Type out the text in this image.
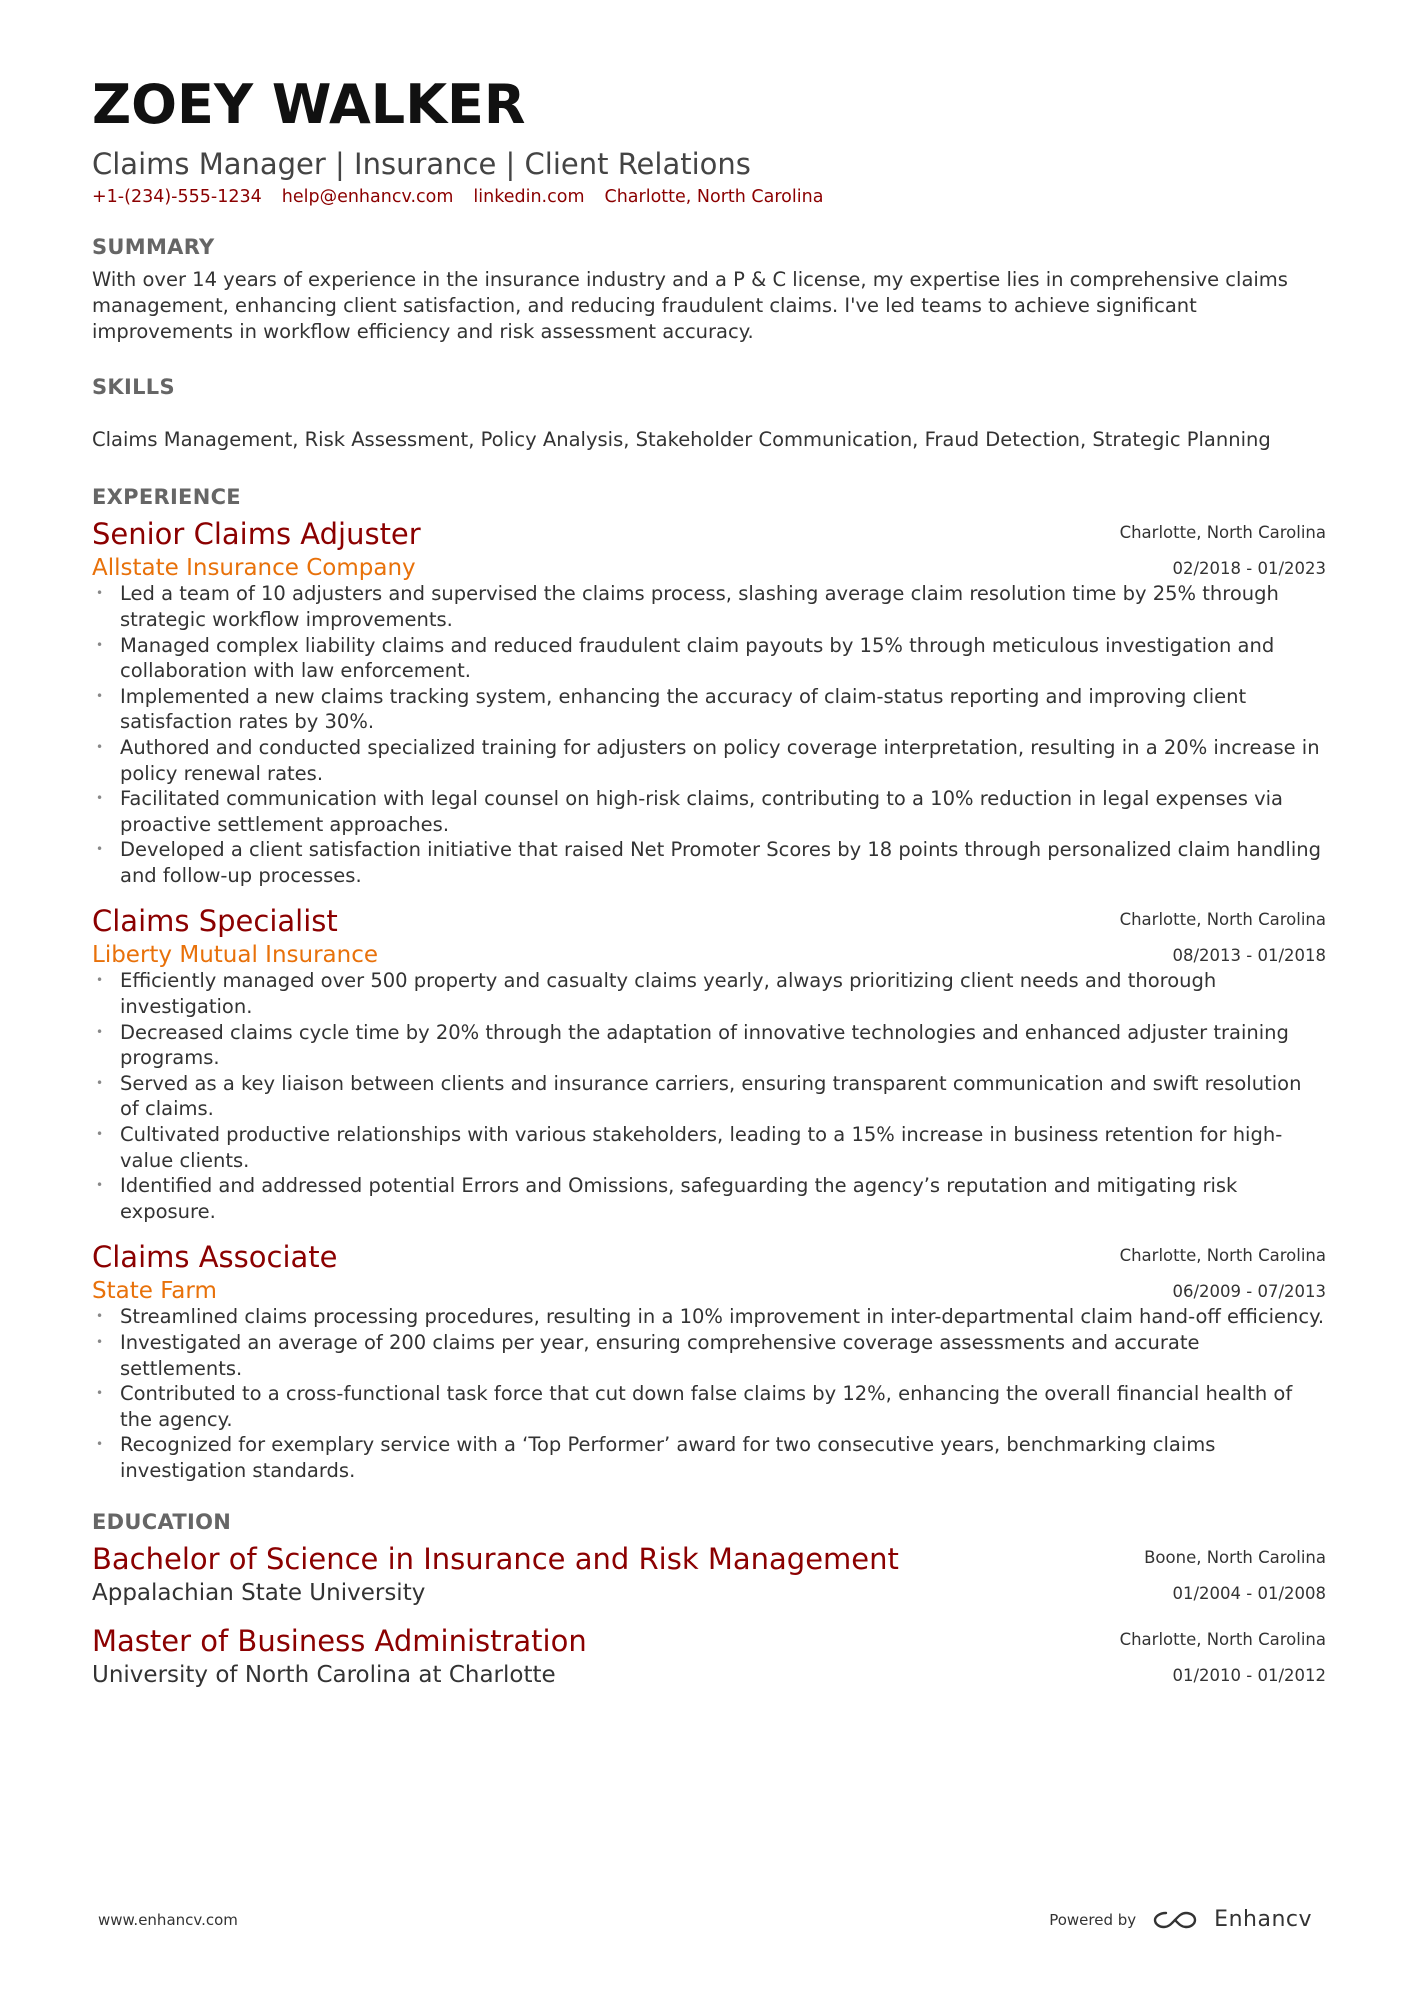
ZOEY WALKER
Claims Manager | Insurance | Client Relations
+1-(234)-555-1234 help@enhancv.com linkedin.com Charlotte, North Carolina
SUMMARY
With over 14 years of experience in the insurance industry and a P & C license, my expertise lies in comprehensive claims management, enhancing client satisfaction, and reducing fraudulent claims. I've led teams to achieve significant improvements in workflow efficiency and risk assessment accuracy.
SKILLS
Claims Management, Risk Assessment, Policy Analysis, Stakeholder Communication, Fraud Detection, Strategic Planning
EXPERIENCE
Senior Claims Adjuster
Allstate Insurance Company
Charlotte, North Carolina
02/2018 - 01/2023
• Led a team of 10 adjusters and supervised the claims process, slashing average claim resolution time by 25% through strategic workflow improvements.
• Managed complex liability claims and reduced fraudulent claim payouts by 15% through meticulous investigation and collaboration with law enforcement.
• Implemented a new claims tracking system, enhancing the accuracy of claim-status reporting and improving client satisfaction rates by 30%.
• Authored and conducted specialized training for adjusters on policy coverage interpretation, resulting in a 20% increase in policy renewal rates.
• Facilitated communication with legal counsel on high-risk claims, contributing to a 10% reduction in legal expenses via proactive settlement approaches.
• Developed a client satisfaction initiative that raised Net Promoter Scores by 18 points through personalized claim handling and follow-up processes.
Claims Specialist
Liberty Mutual Insurance
Charlotte, North Carolina
08/2013 - 01/2018
• Efficiently managed over 500 property and casualty claims yearly, always prioritizing client needs and thorough investigation.
• Decreased claims cycle time by 20% through the adaptation of innovative technologies and enhanced adjuster training programs.
• Served as a key liaison between clients and insurance carriers, ensuring transparent communication and swift resolution of claims.
• Cultivated productive relationships with various stakeholders, leading to a 15% increase in business retention for high-value clients.
• Identified and addressed potential Errors and Omissions, safeguarding the agency’s reputation and mitigating risk exposure.
Claims Associate
State Farm
Charlotte, North Carolina
06/2009 - 07/2013
• Streamlined claims processing procedures, resulting in a 10% improvement in inter-departmental claim hand-off efficiency.
• Investigated an average of 200 claims per year, ensuring comprehensive coverage assessments and accurate settlements.
• Contributed to a cross-functional task force that cut down false claims by 12%, enhancing the overall financial health of the agency.
• Recognized for exemplary service with a ‘Top Performer’ award for two consecutive years, benchmarking claims investigation standards.
EDUCATION
Bachelor of Science in Insurance and Risk Management
Appalachian State University
Boone, North Carolina
01/2004 - 01/2008
Master of Business Administration
University of North Carolina at Charlotte
Charlotte, North Carolina
01/2010 - 01/2012
www.enhancv.com	Powered by	Enhancv
